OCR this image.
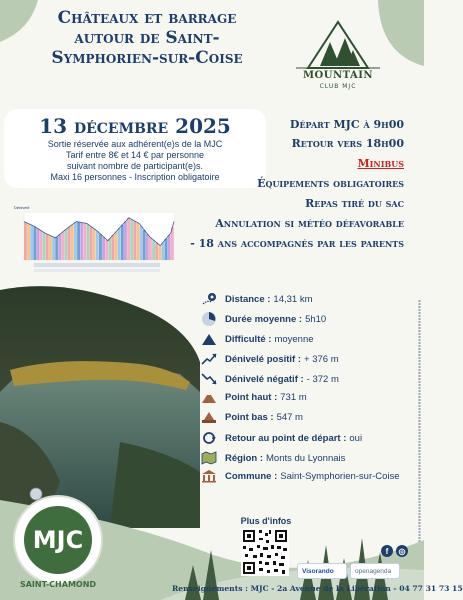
Châteaux et barrage
autour de Saint-
Symphorien-sur-Coise
MOUNTAIN
CLUB MJC
13 décembre 2025
Sortie réservée aux adhérent(e)s de la MJC
Tarif entre 8€ et 14 € par personne
suivant nombre de participant(e)s.
Maxi 16 personnes - Inscription obligatoire
Départ MJC à 9h00
Retour vers 18h00
Minibus
Équipements obligatoires
Repas tiré du sac
Annulation si météo défavorable
- 18 ans accompagnés par les parents
Dénivelé
Distance : 14,31 km
Durée moyenne : 5h10
Difficulté : moyenne
Dénivelé positif : + 376 m
Dénivelé négatif : - 372 m
Point haut : 731 m
Point bas : 547 m
Retour au point de départ : oui
Région : Monts du Lyonnais
Commune : Saint-Symphorien-sur-Coise
Plus d'infos
Visorando	openagenda
f	◎
MJC
SAINT-CHAMOND	Renseignements : MJC - 2a Avenue de la Libération - 04 77 31 73 15
